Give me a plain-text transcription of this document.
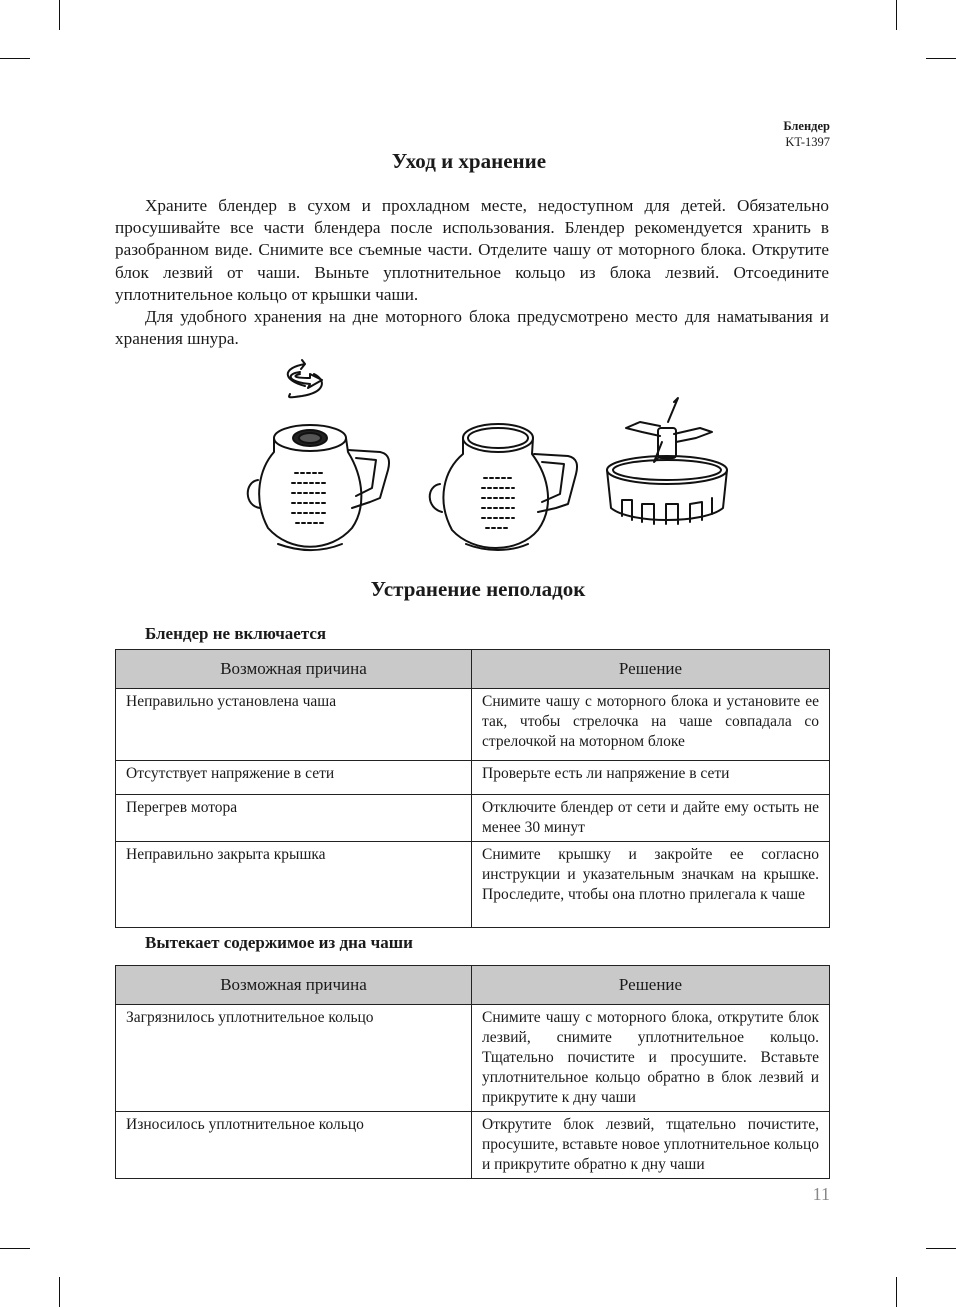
Блендер
KT-1397
Уход и хранение

Храните блендер в сухом и прохладном месте, недоступном для детей. Обязательно просушивайте все части блендера после использования. Блендер рекомендуется хранить в разобранном виде. Снимите все съемные части. Отделите чашу от моторного блока. Открутите блок лезвий от чаши. Выньте уплотнительное кольцо из блока лезвий. Отсоедините уплотнительное кольцо от крышки чаши.

Для удобного хранения на дне моторного блока предусмотрено место для наматывания и хранения шнура.

Устранение неполадок
Блендер не включается
Возможная причина	Решение
Неправильно установлена чаша	Снимите чашу с моторного блока и установите ее так, чтобы стрелочка на чаше совпадала со стрелочкой на моторном блоке
Отсутствует напряжение в сети	Проверьте есть ли напряжение в сети
Перегрев мотора	Отключите блендер от сети и дайте ему остыть не менее 30 минут
Неправильно закрыта крышка	Снимите крышку и закройте ее согласно инструкции и указательным значкам на крышке. Проследите, чтобы она плотно прилегала к чаше
Вытекает содержимое из дна чаши
Возможная причина	Решение
Загрязнилось уплотнительное кольцо	Снимите чашу с моторного блока, открутите блок лезвий, снимите уплотнительное кольцо. Тщательно почистите и просушите. Вставьте уплотнительное кольцо обратно в блок лезвий и прикрутите к дну чаши
Износилось уплотнительное кольцо	Открутите блок лезвий, тщательно почистите, просушите, вставьте новое уплотнительное кольцо и прикрутите обратно к дну чаши
11
